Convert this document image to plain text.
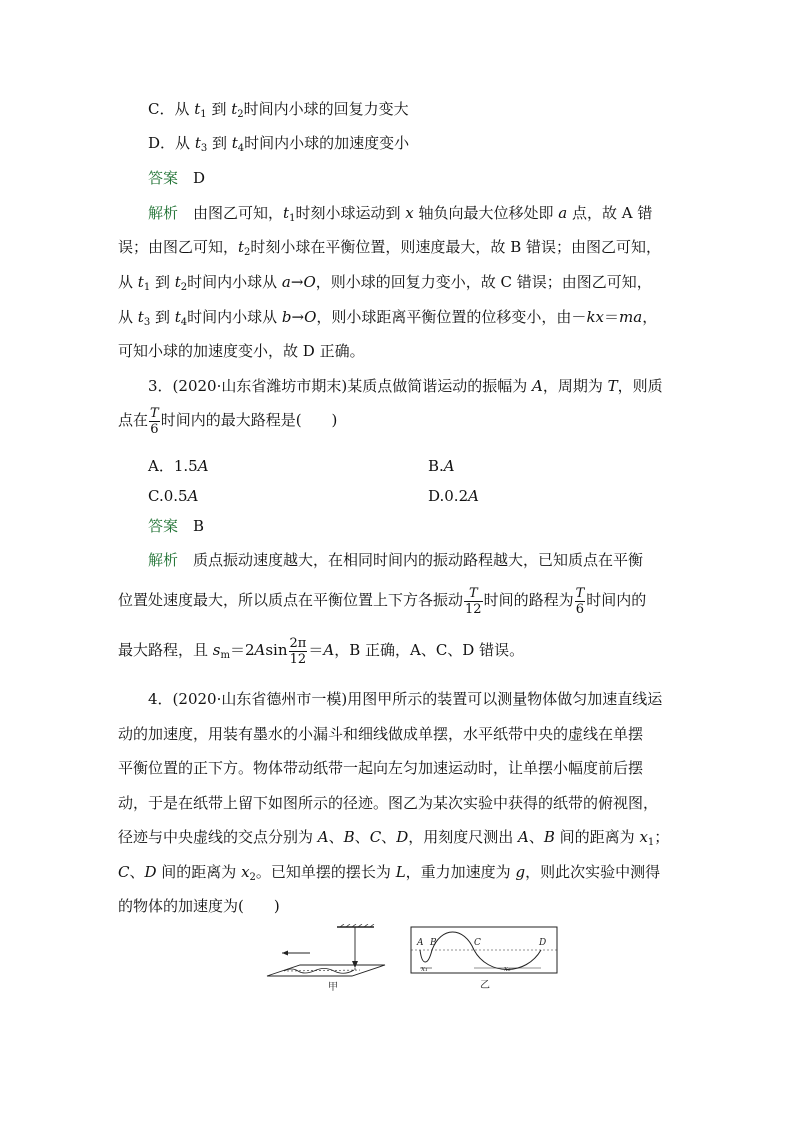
C．从 $t_1$ 到 $t_2$时间内小球的回复力变大
D．从 $t_3$ 到 $t_4$时间内小球的加速度变小
答案　 D
解析　 由图乙可知，$t_1$时刻小球运动到 x 轴负向最大位移处即 a 点，故 A 错
误；由图乙可知，$t_2$时刻小球在平衡位置，则速度最大，故 B 错误；由图乙可知，
从 $t_1$ 到 $t_2$时间内小球从 a→O，则小球的回复力变小，故 C 错误；由图乙可知，
从 $t_3$ 到 $t_4$时间内小球从 b→O，则小球距离平衡位置的位移变小，由－kx＝ma，
可知小球的加速度变小，故 D 正确。
3．(2020·山东省潍坊市期末)某质点做简谐运动的振幅为 A，周期为 T，则质
点在 $\frac{T}{6}$ 时间内的最大路程是(　　)
A．1.5A	B.A
C.0.5A	D.0.2A
答案　 B
解析　 质点振动速度越大，在相同时间内的振动路程越大，已知质点在平衡
位置处速度最大，所以质点在平衡位置上下方各振动 $\frac{T}{12}$ 时间的路程为 $\frac{T}{6}$ 时间内的
最大路程，且 $s_m=2Asin \frac{2\pi}{12} =A$，B 正确，A、C、D 错误。
4．(2020·山东省德州市一模)用图甲所示的装置可以测量物体做匀加速直线运
动的加速度，用装有墨水的小漏斗和细线做成单摆，水平纸带中央的虚线在单摆
平衡位置的正下方。物体带动纸带一起向左匀加速运动时，让单摆小幅度前后摆
动，于是在纸带上留下如图所示的径迹。图乙为某次实验中获得的纸带的俯视图，
径迹与中央虚线的交点分别为 A、B、C、D，用刻度尺测出 A、B 间的距离为 $x_1$；
C、D 间的距离为 $x_2$。已知单摆的摆长为 L，重力加速度为 g，则此次实验中测得
的物体的加速度为(　　)
甲
A B	C	D
x₁	x₂
乙
